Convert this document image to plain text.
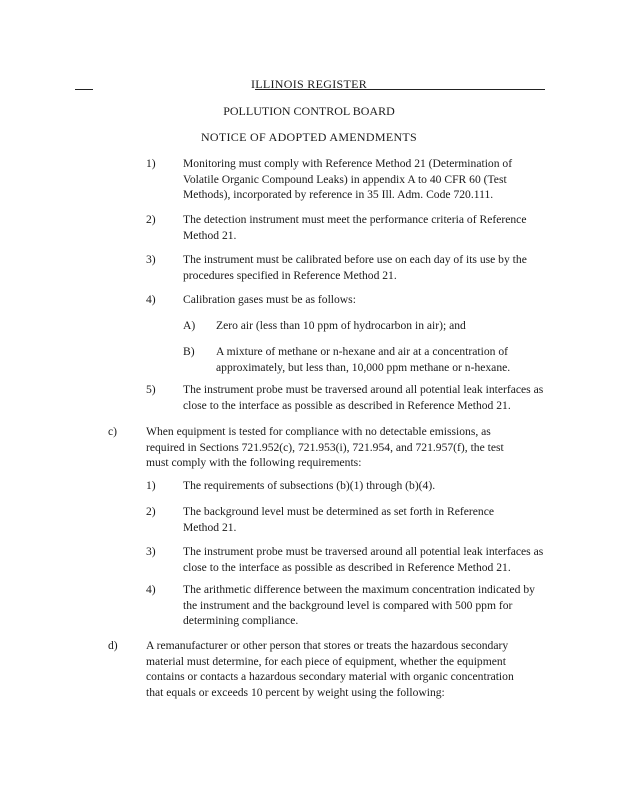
ILLINOIS REGISTER
POLLUTION CONTROL BOARD
NOTICE OF ADOPTED AMENDMENTS
1)	Monitoring must comply with Reference Method 21 (Determination of Volatile Organic Compound Leaks) in appendix A to 40 CFR 60 (Test Methods), incorporated by reference in 35 Ill. Adm. Code 720.111.
2)	The detection instrument must meet the performance criteria of Reference Method 21.
3)	The instrument must be calibrated before use on each day of its use by the procedures specified in Reference Method 21.
4)	Calibration gases must be as follows:
A)	Zero air (less than 10 ppm of hydrocarbon in air); and
B)	A mixture of methane or n-hexane and air at a concentration of approximately, but less than, 10,000 ppm methane or n-hexane.
5)	The instrument probe must be traversed around all potential leak interfaces as close to the interface as possible as described in Reference Method 21.
c)	When equipment is tested for compliance with no detectable emissions, as required in Sections 721.952(c), 721.953(i), 721.954, and 721.957(f), the test must comply with the following requirements:
1)	The requirements of subsections (b)(1) through (b)(4).
2)	The background level must be determined as set forth in Reference Method 21.
3)	The instrument probe must be traversed around all potential leak interfaces as close to the interface as possible as described in Reference Method 21.
4)	The arithmetic difference between the maximum concentration indicated by the instrument and the background level is compared with 500 ppm for determining compliance.
d)	A remanufacturer or other person that stores or treats the hazardous secondary material must determine, for each piece of equipment, whether the equipment contains or contacts a hazardous secondary material with organic concentration that equals or exceeds 10 percent by weight using the following:
